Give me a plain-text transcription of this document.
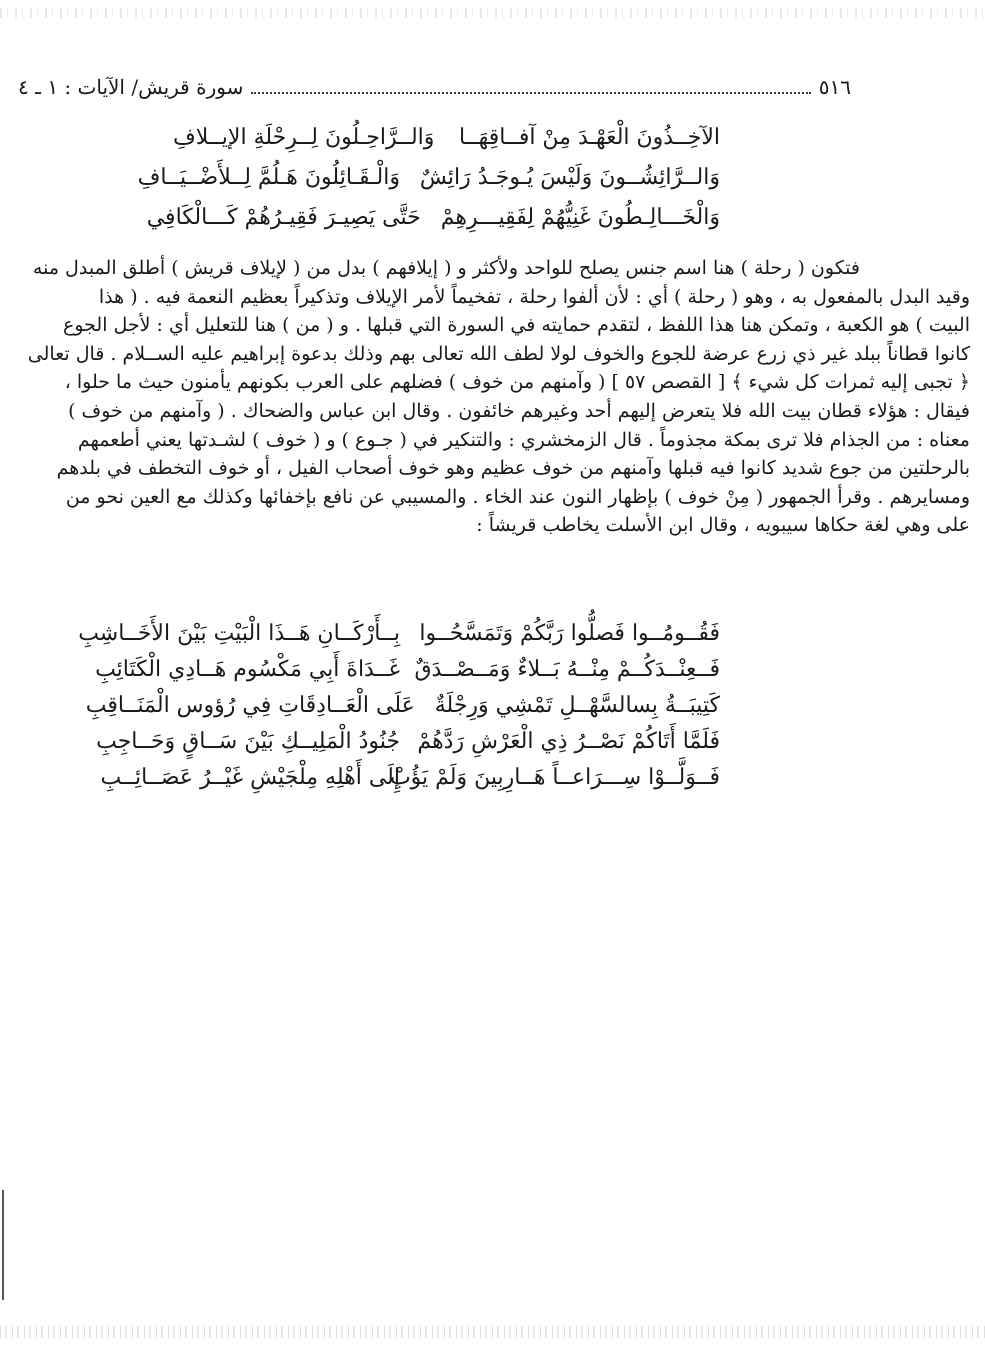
٥١٦
سورة قريش/ الآيات : ١ ـ ٤
الآخِــذُونَ الْعَهْـدَ مِنْ آفــاقِهَــا
وَالــرَّاحِـلُونَ لِــرِحْلَةِ الإيــلافِ
وَالــرَّائِشُــونَ وَلَيْسَ يُـوجَـدُ رَائِشٌ
وَالْـقَـائِلُونَ هَـلُمَّ لِــلأَضْــيَــافِ
وَالْخَـــالِـطُونَ غَنِيُّهُمْ لِفَقِيـــرِهِمْ
حَتَّى يَصِيـرَ فَقِيـرُهُمْ كَـــالْكَافِي

فتكون ( رحلة ) هنا اسم جنس يصلح للواحد ولأكثر و ( إيلافهم ) بدل من ( لإيلاف قريش ) أطلق المبدل منه

وقيد البدل بالمفعول به ، وهو ( رحلة ) أي : لأن ألفوا رحلة ، تفخيماً لأمر الإيلاف وتذكيراً بعظيم النعمة فيه . ( هذا

البيت ) هو الكعبة ، وتمكن هنا هذا اللفظ ، لتقدم حمايته في السورة التي قبلها . و ( من ) هنا للتعليل أي : لأجل الجوع

كانوا قطاناً ببلد غير ذي زرع عرضة للجوع والخوف لولا لطف الله تعالى بهم وذلك بدعوة إبراهيم عليه الســلام . قال تعالى

﴿ تجبى إليه ثمرات كل شيء ﴾ [ القصص ٥٧ ] ( وآمنهم من خوف ) فضلهم على العرب بكونهم يأمنون حيث ما حلوا ،

فيقال : هؤلاء قطان بيت الله فلا يتعرض إليهم أحد وغيرهم خائفون . وقال ابن عباس والضحاك . ( وآمنهم من خوف )

معناه : من الجذام فلا ترى بمكة مجذوماً . قال الزمخشري : والتنكير في ( جـوع ) و ( خوف ) لشـدتها يعني أطعمهم

بالرحلتين من جوع شديد كانوا فيه قبلها وآمنهم من خوف عظيم وهو خوف أصحاب الفيل ، أو خوف التخطف في بلدهم

ومسايرهم . وقرأ الجمهور ( مِنْ خوف ) بإظهار النون عند الخاء . والمسيبي عن نافع بإخفائها وكذلك مع العين نحو من

على وهي لغة حكاها سيبويه ، وقال ابن الأسلت يخاطب قريشاً :

فَقُــومُــوا فَصلُّوا رَبَّكُمْ وَتَمَسَّحُــوا
بِــأَرْكَــانِ هَــذَا الْبَيْتِ بَيْنَ الأَخَــاشِبِ
فَــعِنْــدَكُــمْ مِنْــهُ بَــلاءٌ وَمَــصْــدَقٌ
غَــدَاةَ أَبِي مَكْسُوم هَــادِي الْكَتَائِبِ
كَتِيبَــةُ بِسالسَّهْــلِ تَمْشِي وَرِجْلَةٌ
عَلَى الْعَــادِقَاتِ فِي رُؤوس الْمَنَــاقِبِ
فَلَمَّا أَتَاكُمْ نَصْــرُ ذِي الْعَرْشِ رَدَّهُمْ
جُنُودُ الْمَلِيــكِ بَيْنَ سَــاقٍ وَحَــاجِبِ
فَــوَلَّــوْا سِـــرَاعــاً هَــارِبِينَ وَلَمْ يَؤُبْ
إِلَى أَهْلِهِ مِلْجَيْشِ غَيْــرُ عَصَــائِــبِ
